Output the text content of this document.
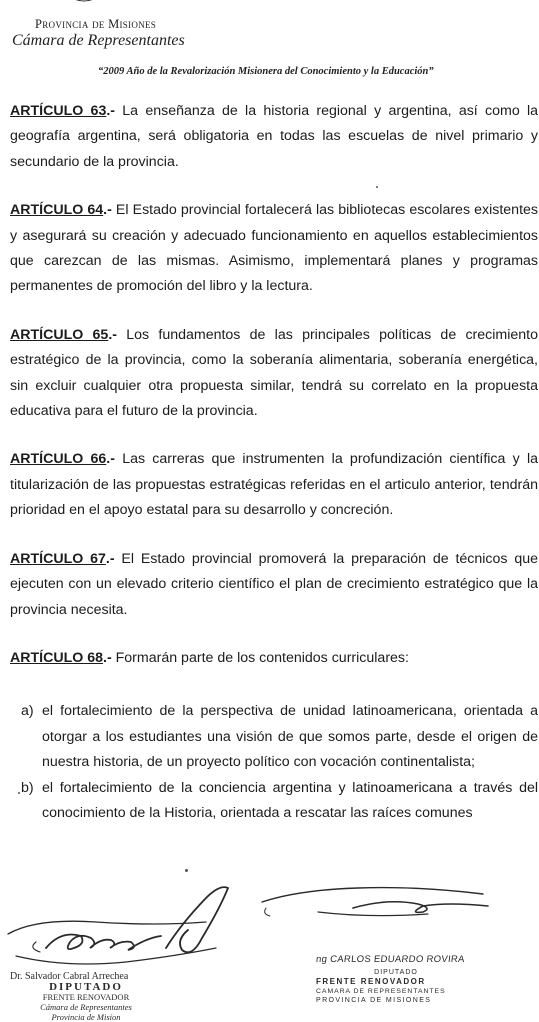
Provincia de Misiones
Cámara de Representantes
“2009 Año de la Revalorización Misionera del Conocimiento y la Educación”

ARTÍCULO 63.- La enseñanza de la historia regional y argentina, así como la geografía argentina, será obligatoria en todas las escuelas de nivel primario y secundario de la provincia.

ARTÍCULO 64.- El Estado provincial fortalecerá las bibliotecas escolares existentes y asegurará su creación y adecuado funcionamiento en aquellos establecimientos que carezcan de las mismas. Asimismo, implementará planes y programas permanentes de promoción del libro y la lectura.

ARTÍCULO 65.- Los fundamentos de las principales políticas de crecimiento estratégico de la provincia, como la soberanía alimentaria, soberanía energética, sin excluir cualquier otra propuesta similar, tendrá su correlato en la propuesta educativa para el futuro de la provincia.

ARTÍCULO 66.- Las carreras que instrumenten la profundización científica y la titularización de las propuestas estratégicas referidas en el articulo anterior, tendrán prioridad en el apoyo estatal para su desarrollo y concreción.

ARTÍCULO 67.- El Estado provincial promoverá la preparación de técnicos que ejecuten con un elevado criterio científico el plan de crecimiento estratégico que la provincia necesita.

ARTÍCULO 68.- Formarán parte de los contenidos curriculares:

a) el fortalecimiento de la perspectiva de unidad latinoamericana, orientada a otorgar a los estudiantes una visión de que somos parte, desde el origen de nuestra historia, de un proyecto político con vocación continentalista;
b) el fortalecimiento de la conciencia argentina y latinoamericana a través del conocimiento de la Historia, orientada a rescatar las raíces comunes
Dr. Salvador Cabral Arrechea
DIPUTADO
FRENTE RENOVADOR
Cámara de Representantes
Provincia de Mision
ng CARLOS EDUARDO ROVIRA
DIPUTADO
FRENTE RENOVADOR
CAMARA DE REPRESENTANTES
PROVINCIA DE MISIONES
